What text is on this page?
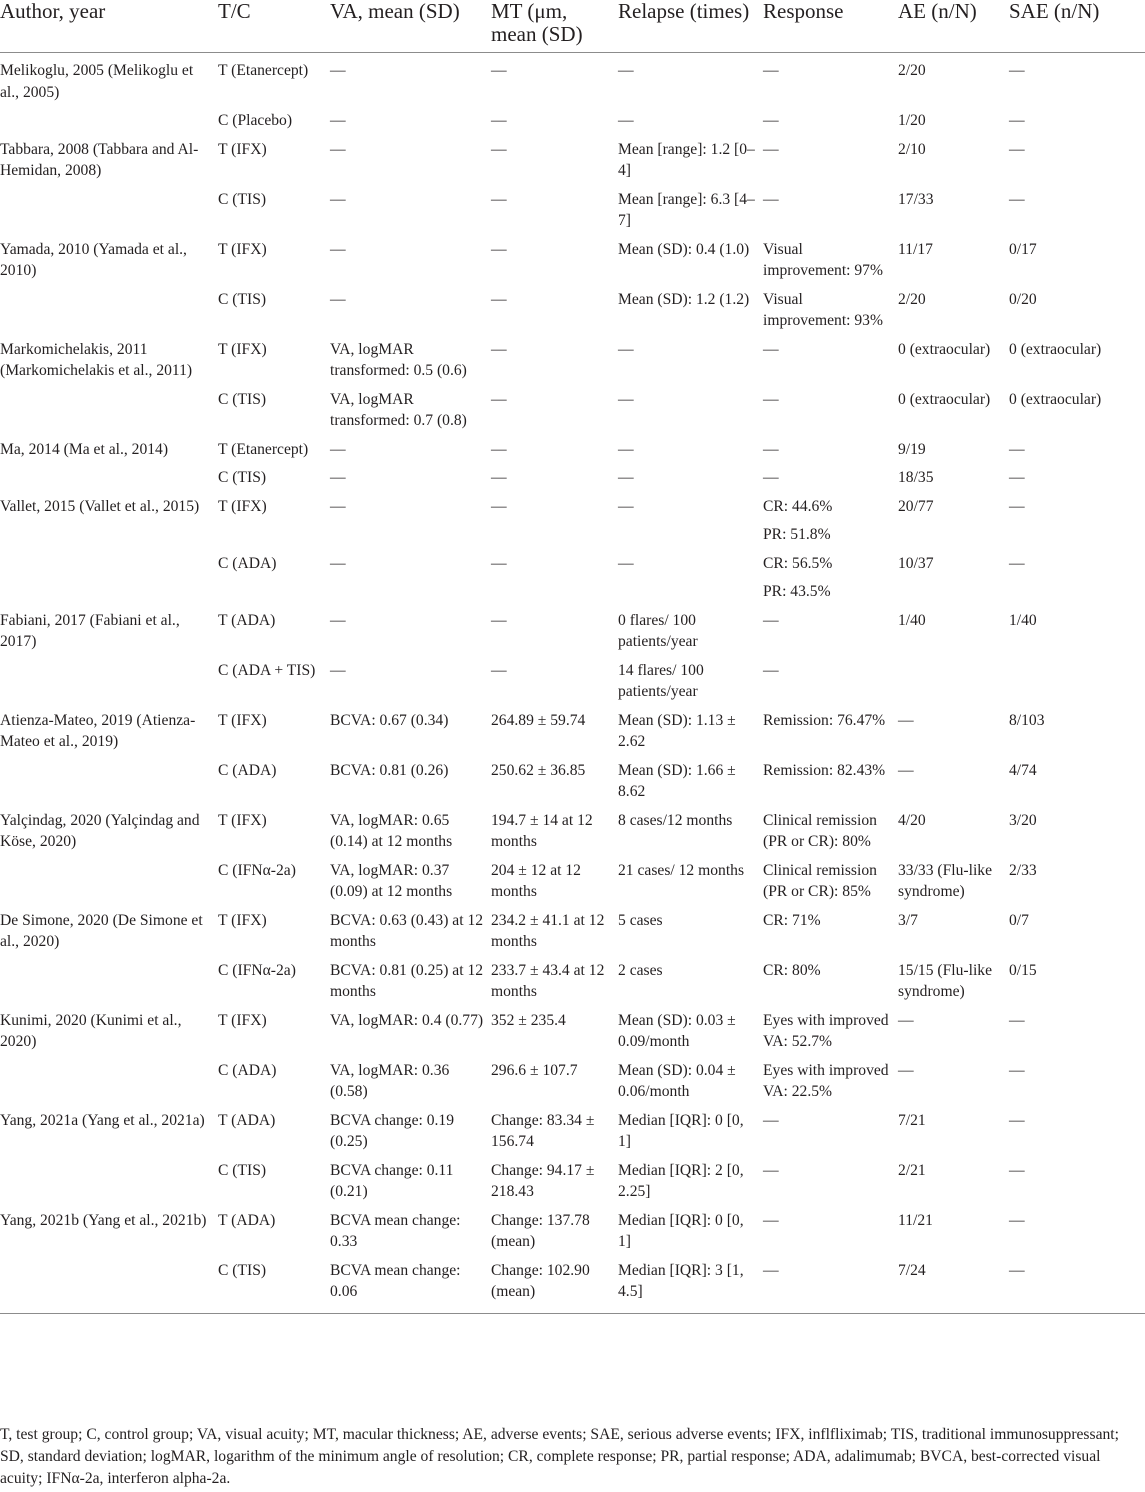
Author, year	T/C	VA, mean (SD)	MT (μm, mean (SD)	Relapse (times)	Response	AE (n/N)	SAE (n/N)
Melikoglu, 2005 (Melikoglu et al., 2005)	T (Etanercept)	—	—	—	—	2/20	—
	C (Placebo)	—	—	—	—	1/20	—
Tabbara, 2008 (Tabbara and Al-Hemidan, 2008)	T (IFX)	—	—	Mean [range]: 1.2 [0–4]	—	2/10	—
	C (TIS)	—	—	Mean [range]: 6.3 [4–7]	—	17/33	—
Yamada, 2010 (Yamada et al., 2010)	T (IFX)	—	—	Mean (SD): 0.4 (1.0)	Visual improvement: 97%	11/17	0/17
	C (TIS)	—	—	Mean (SD): 1.2 (1.2)	Visual improvement: 93%	2/20	0/20
Markomichelakis, 2011 (Markomichelakis et al., 2011)	T (IFX)	VA, logMAR transformed: 0.5 (0.6)	—	—	—	0 (extraocular)	0 (extraocular)
	C (TIS)	VA, logMAR transformed: 0.7 (0.8)	—	—	—	0 (extraocular)	0 (extraocular)
Ma, 2014 (Ma et al., 2014)	T (Etanercept)	—	—	—	—	9/19	—
	C (TIS)	—	—	—	—	18/35	—
Vallet, 2015 (Vallet et al., 2015)	T (IFX)	—	—	—	CR: 44.6%	20/77	—
					PR: 51.8%		
	C (ADA)	—	—	—	CR: 56.5%	10/37	—
					PR: 43.5%		
Fabiani, 2017 (Fabiani et al., 2017)	T (ADA)	—	—	0 flares/ 100 patients/year	—	1/40	1/40
	C (ADA + TIS)	—	—	14 flares/ 100 patients/year	—		
Atienza-Mateo, 2019 (Atienza-Mateo et al., 2019)	T (IFX)	BCVA: 0.67 (0.34)	264.89 ± 59.74	Mean (SD): 1.13 ± 2.62	Remission: 76.47%	—	8/103
	C (ADA)	BCVA: 0.81 (0.26)	250.62 ± 36.85	Mean (SD): 1.66 ± 8.62	Remission: 82.43%	—	4/74
Yalçindag, 2020 (Yalçindag and Köse, 2020)	T (IFX)	VA, logMAR: 0.65 (0.14) at 12 months	194.7 ± 14 at 12 months	8 cases/12 months	Clinical remission (PR or CR): 80%	4/20	3/20
	C (IFNα-2a)	VA, logMAR: 0.37 (0.09) at 12 months	204 ± 12 at 12 months	21 cases/ 12 months	Clinical remission (PR or CR): 85%	33/33 (Flu-like syndrome)	2/33
De Simone, 2020 (De Simone et al., 2020)	T (IFX)	BCVA: 0.63 (0.43) at 12 months	234.2 ± 41.1 at 12 months	5 cases	CR: 71%	3/7	0/7
	C (IFNα-2a)	BCVA: 0.81 (0.25) at 12 months	233.7 ± 43.4 at 12 months	2 cases	CR: 80%	15/15 (Flu-like syndrome)	0/15
Kunimi, 2020 (Kunimi et al., 2020)	T (IFX)	VA, logMAR: 0.4 (0.77)	352 ± 235.4	Mean (SD): 0.03 ± 0.09/month	Eyes with improved VA: 52.7%	—	—
	C (ADA)	VA, logMAR: 0.36 (0.58)	296.6 ± 107.7	Mean (SD): 0.04 ± 0.06/month	Eyes with improved VA: 22.5%	—	—
Yang, 2021a (Yang et al., 2021a)	T (ADA)	BCVA change: 0.19 (0.25)	Change: 83.34 ± 156.74	Median [IQR]: 0 [0, 1]	—	7/21	—
	C (TIS)	BCVA change: 0.11 (0.21)	Change: 94.17 ± 218.43	Median [IQR]: 2 [0, 2.25]	—	2/21	—
Yang, 2021b (Yang et al., 2021b)	T (ADA)	BCVA mean change: 0.33	Change: 137.78 (mean)	Median [IQR]: 0 [0, 1]	—	11/21	—
	C (TIS)	BCVA mean change: 0.06	Change: 102.90 (mean)	Median [IQR]: 3 [1, 4.5]	—	7/24	—
T, test group; C, control group; VA, visual acuity; MT, macular thickness; AE, adverse events; SAE, serious adverse events; IFX, inflfliximab; TIS, traditional immunosuppressant; SD, standard deviation; logMAR, logarithm of the minimum angle of resolution; CR, complete response; PR, partial response; ADA, adalimumab; BVCA, best-corrected visual acuity; IFNα-2a, interferon alpha-2a.
